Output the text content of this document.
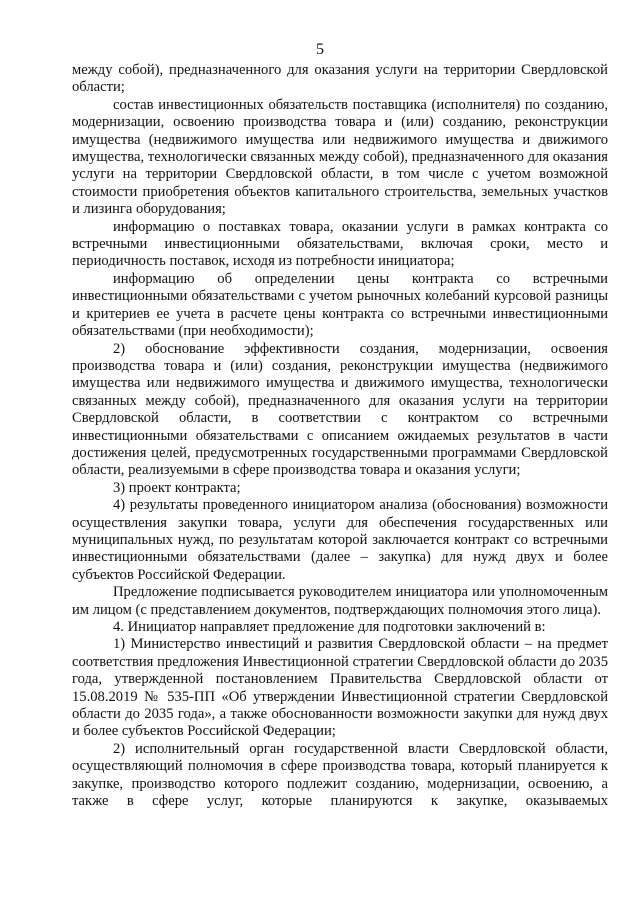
5

между собой), предназначенного для оказания услуги на территории Свердловской области;

состав инвестиционных обязательств поставщика (исполнителя) по созданию, модернизации, освоению производства товара и (или) созданию, реконструкции имущества (недвижимого имущества или недвижимого имущества и движимого имущества, технологически связанных между собой), предназначенного для оказания услуги на территории Свердловской области, в том числе с учетом возможной стоимости приобретения объектов капитального строительства, земельных участков и лизинга оборудования;

информацию о поставках товара, оказании услуги в рамках контракта со встречными инвестиционными обязательствами, включая сроки, место и периодичность поставок, исходя из потребности инициатора;

информацию об определении цены контракта со встречными инвестиционными обязательствами с учетом рыночных колебаний курсовой разницы и критериев ее учета в расчете цены контракта со встречными инвестиционными обязательствами (при необходимости);

2) обоснование эффективности создания, модернизации, освоения производства товара и (или) создания, реконструкции имущества (недвижимого имущества или недвижимого имущества и движимого имущества, технологически связанных между собой), предназначенного для оказания услуги на территории Свердловской области, в соответствии с контрактом со встречными инвестиционными обязательствами с описанием ожидаемых результатов в части достижения целей, предусмотренных государственными программами Свердловской области, реализуемыми в сфере производства товара и оказания услуги;

3) проект контракта;

4) результаты проведенного инициатором анализа (обоснования) возможности осуществления закупки товара, услуги для обеспечения государственных или муниципальных нужд, по результатам которой заключается контракт со встречными инвестиционными обязательствами (далее – закупка) для нужд двух и более субъектов Российской Федерации.

Предложение подписывается руководителем инициатора или уполномоченным им лицом (с представлением документов, подтверждающих полномочия этого лица).

4. Инициатор направляет предложение для подготовки заключений в:

1) Министерство инвестиций и развития Свердловской области – на предмет соответствия предложения Инвестиционной стратегии Свердловской области до 2035 года, утвержденной постановлением Правительства Свердловской области от 15.08.2019 № 535-ПП «Об утверждении Инвестиционной стратегии Свердловской области до 2035 года», а также обоснованности возможности закупки для нужд двух и более субъектов Российской Федерации;

2) исполнительный орган государственной власти Свердловской области, осуществляющий полномочия в сфере производства товара, который планируется к закупке, производство которого подлежит созданию, модернизации, освоению, а также в сфере услуг, которые планируются к закупке, оказываемых
